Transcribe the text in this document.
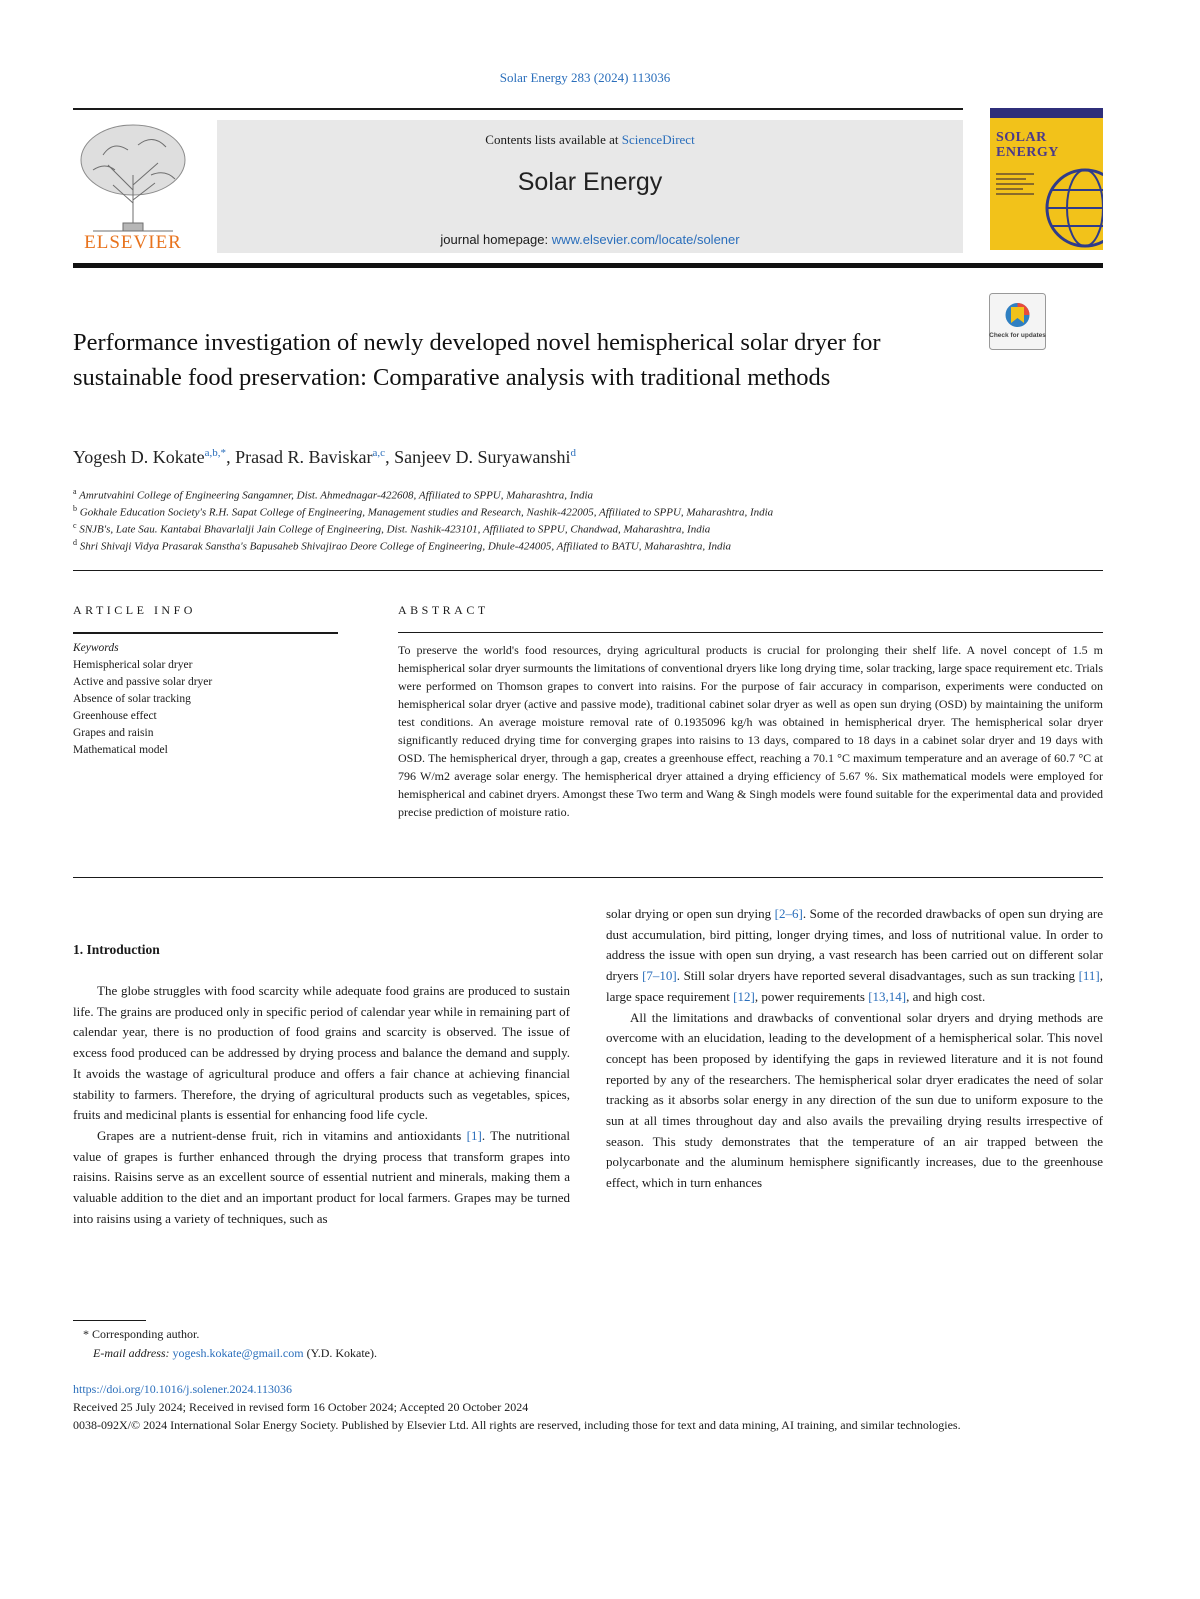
Solar Energy 283 (2024) 113036
ELSEVIER
Contents lists available at ScienceDirect
Solar Energy
journal homepage: www.elsevier.com/locate/solener
SOLAR
ENERGY
Check for updates
Performance investigation of newly developed novel hemispherical solar dryer for sustainable food preservation: Comparative analysis with traditional methods
Yogesh D. Kokate$^{a,b,*}$, Prasad R. Baviskar$^{a,c}$, Sanjeev D. Suryawanshi$^d$
$^a$ Amrutvahini College of Engineering Sangamner, Dist. Ahmednagar-422608, Affiliated to SPPU, Maharashtra, India
$^b$ Gokhale Education Society's R.H. Sapat College of Engineering, Management studies and Research, Nashik-422005, Affiliated to SPPU, Maharashtra, India
$^c$ SNJB's, Late Sau. Kantabai Bhavarlalji Jain College of Engineering, Dist. Nashik-423101, Affiliated to SPPU, Chandwad, Maharashtra, India
$^d$ Shri Shivaji Vidya Prasarak Sanstha's Bapusaheb Shivajirao Deore College of Engineering, Dhule-424005, Affiliated to BATU, Maharashtra, India
ARTICLE INFO
Keywords
Hemispherical solar dryer
Active and passive solar dryer
Absence of solar tracking
Greenhouse effect
Grapes and raisin
Mathematical model
ABSTRACT
To preserve the world's food resources, drying agricultural products is crucial for prolonging their shelf life. A novel concept of 1.5 m hemispherical solar dryer surmounts the limitations of conventional dryers like long drying time, solar tracking, large space requirement etc. Trials were performed on Thomson grapes to convert into raisins. For the purpose of fair accuracy in comparison, experiments were conducted on hemispherical solar dryer (active and passive mode), traditional cabinet solar dryer as well as open sun drying (OSD) by maintaining the uniform test conditions. An average moisture removal rate of 0.1935096 kg/h was obtained in hemispherical dryer. The hemispherical solar dryer significantly reduced drying time for converging grapes into raisins to 13 days, compared to 18 days in a cabinet solar dryer and 19 days with OSD. The hemispherical dryer, through a gap, creates a greenhouse effect, reaching a 70.1 °C maximum temperature and an average of 60.7 °C at 796 W/m2 average solar energy. The hemispherical dryer attained a drying efficiency of 5.67 %. Six mathematical models were employed for hemispherical and cabinet dryers. Amongst these Two term and Wang & Singh models were found suitable for the experimental data and provided precise prediction of moisture ratio.
1. Introduction

The globe struggles with food scarcity while adequate food grains are produced to sustain life. The grains are produced only in specific period of calendar year while in remaining part of calendar year, there is no production of food grains and scarcity is observed. The issue of excess food produced can be addressed by drying process and balance the demand and supply. It avoids the wastage of agricultural produce and offers a fair chance at achieving financial stability to farmers. Therefore, the drying of agricultural products such as vegetables, spices, fruits and medicinal plants is essential for enhancing food life cycle.

Grapes are a nutrient-dense fruit, rich in vitamins and antioxidants [1]. The nutritional value of grapes is further enhanced through the drying process that transform grapes into raisins. Raisins serve as an excellent source of essential nutrient and minerals, making them a valuable addition to the diet and an important product for local farmers. Grapes may be turned into raisins using a variety of techniques, such as

solar drying or open sun drying [2–6]. Some of the recorded drawbacks of open sun drying are dust accumulation, bird pitting, longer drying times, and loss of nutritional value. In order to address the issue with open sun drying, a vast research has been carried out on different solar dryers [7–10]. Still solar dryers have reported several disadvantages, such as sun tracking [11], large space requirement [12], power requirements [13,14], and high cost.

All the limitations and drawbacks of conventional solar dryers and drying methods are overcome with an elucidation, leading to the development of a hemispherical solar. This novel concept has been proposed by identifying the gaps in reviewed literature and it is not found reported by any of the researchers. The hemispherical solar dryer eradicates the need of solar tracking as it absorbs solar energy in any direction of the sun due to uniform exposure to the sun at all times throughout day and also avails the prevailing drying results irrespective of season. This study demonstrates that the temperature of an air trapped between the polycarbonate and the aluminum hemisphere significantly increases, due to the greenhouse effect, which in turn enhances

* Corresponding author.
E-mail address: yogesh.kokate@gmail.com (Y.D. Kokate).
https://doi.org/10.1016/j.solener.2024.113036
Received 25 July 2024; Received in revised form 16 October 2024; Accepted 20 October 2024
0038-092X/© 2024 International Solar Energy Society. Published by Elsevier Ltd. All rights are reserved, including those for text and data mining, AI training, and similar technologies.
